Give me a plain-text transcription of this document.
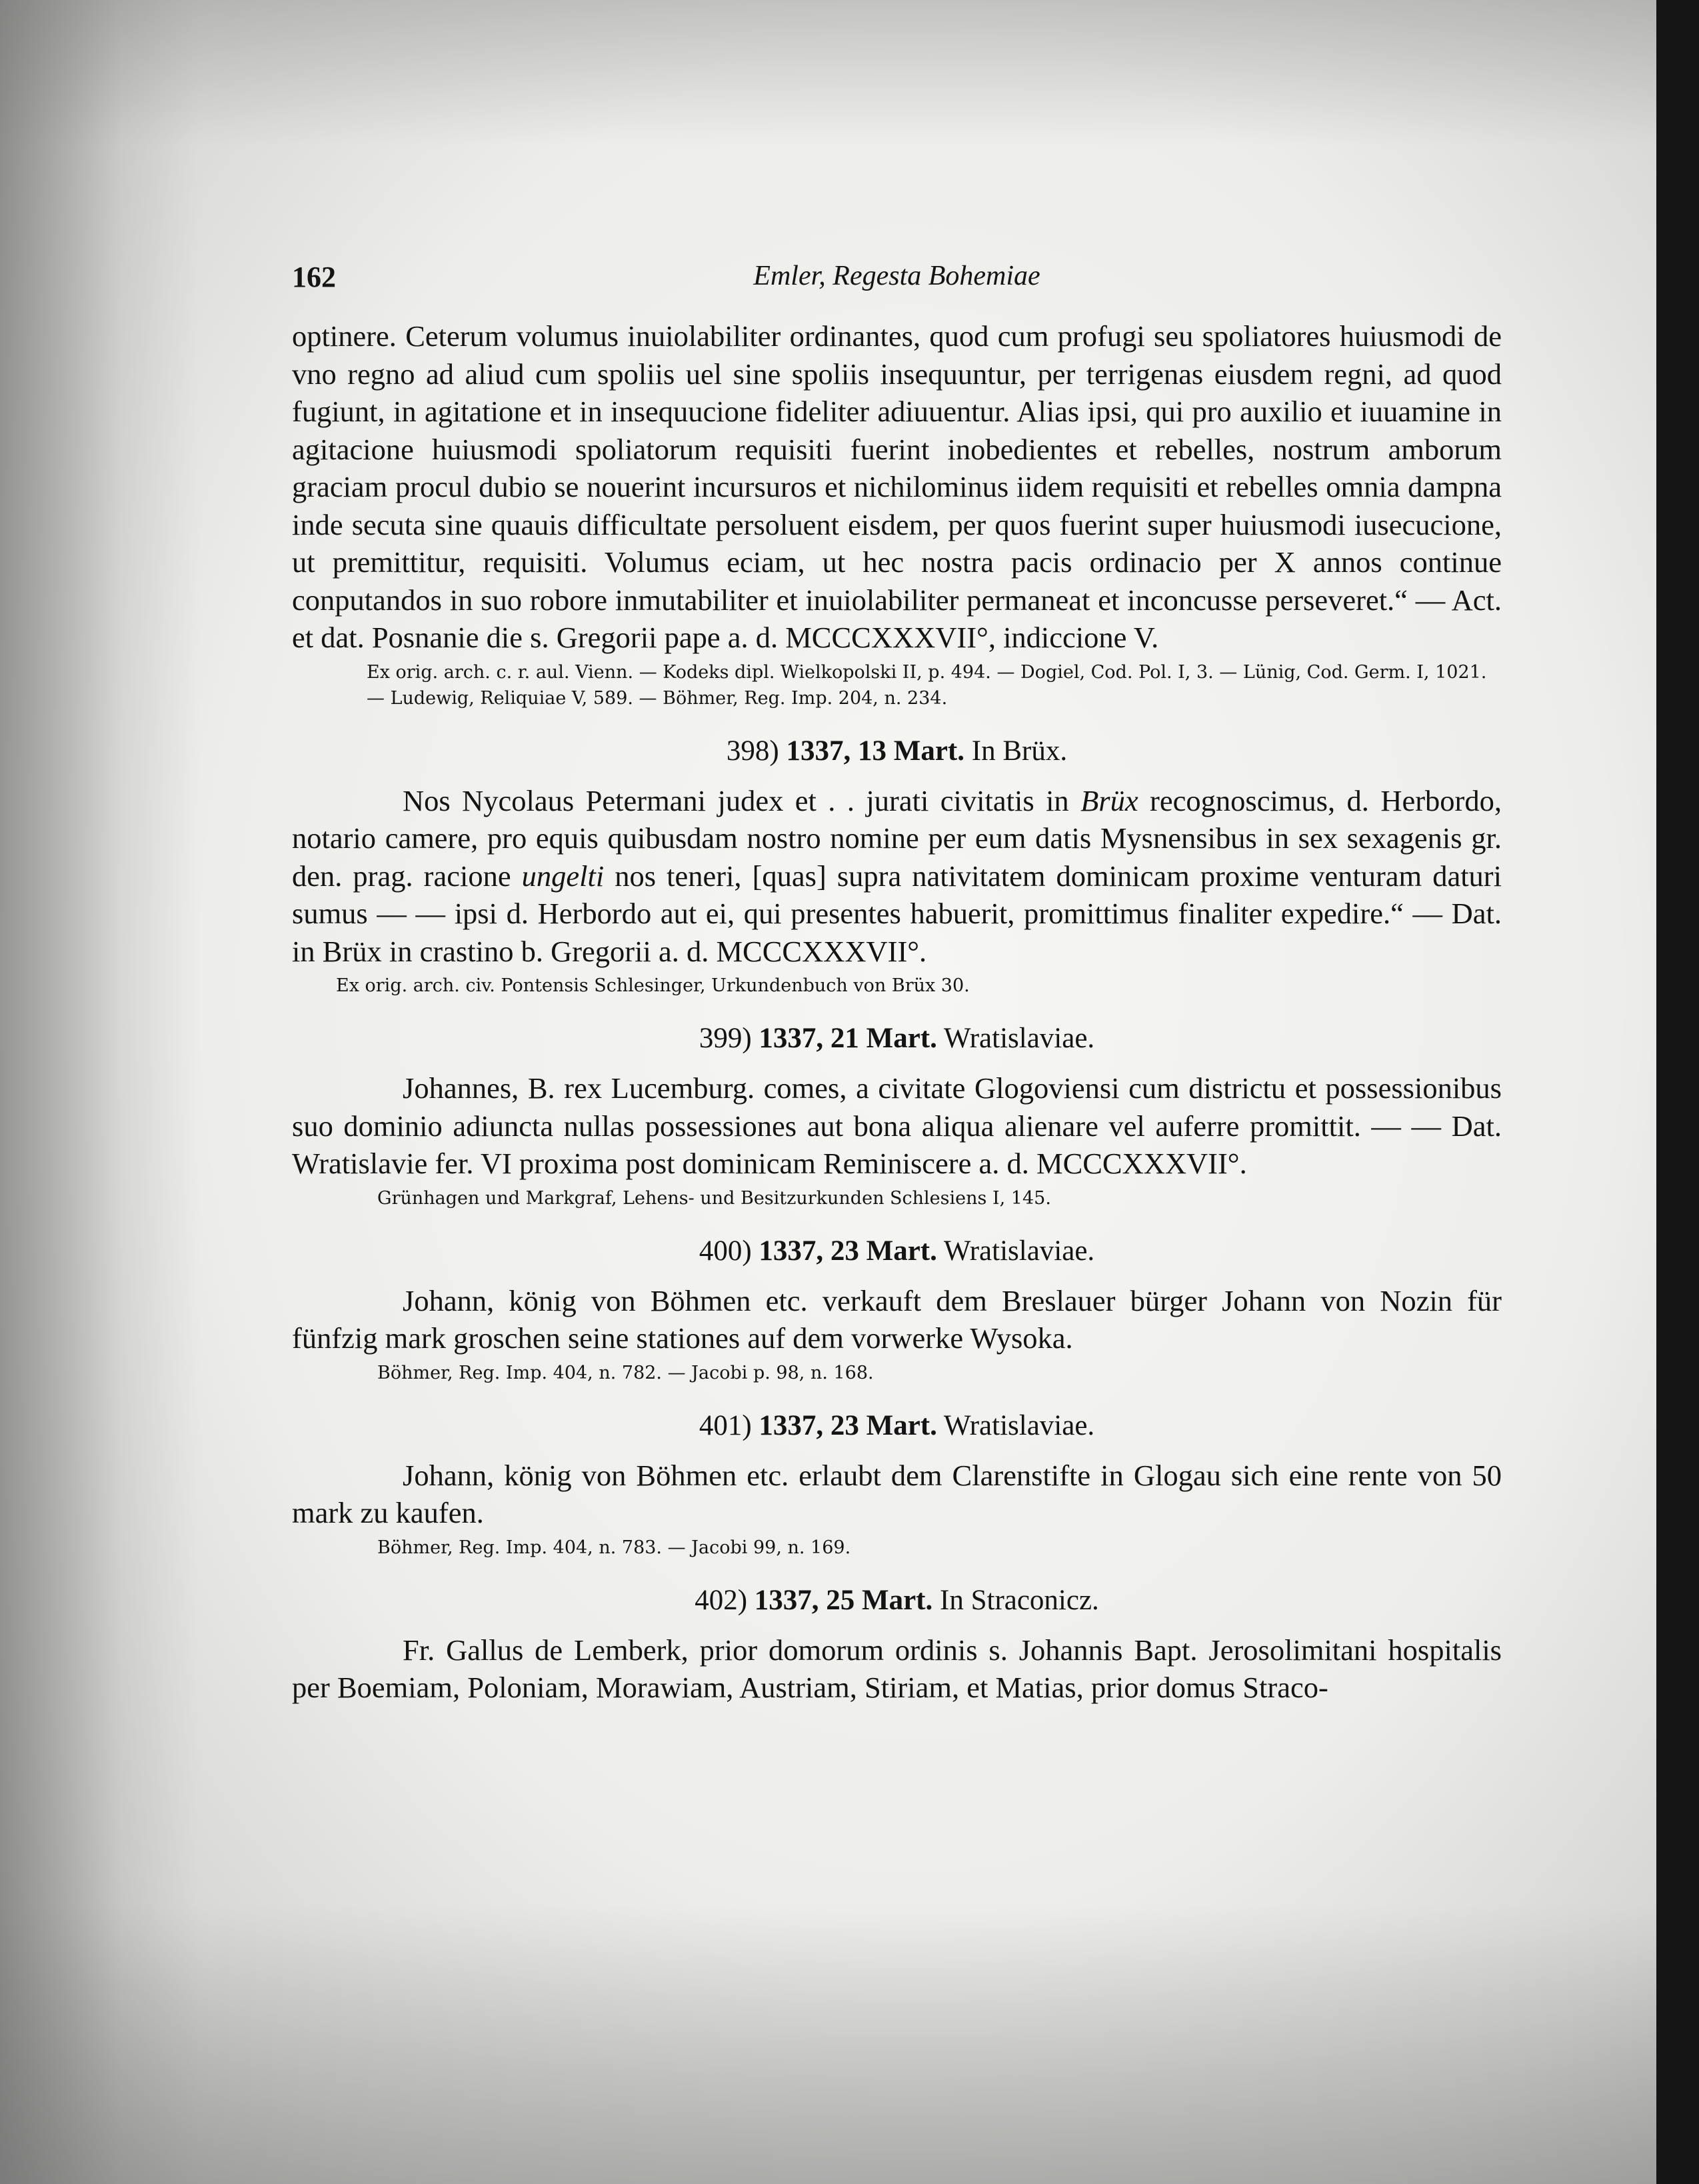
162	Emler, Regesta Bohemiae

optinere. Ceterum volumus inuiolabiliter ordinantes, quod cum profugi seu spoliatores huiusmodi de vno regno ad aliud cum spoliis uel sine spoliis insequuntur, per terrigenas eiusdem regni, ad quod fugiunt, in agitatione et in insequucione fideliter adiuuentur. Alias ipsi, qui pro auxilio et iuuamine in agitacione huiusmodi spoliatorum requisiti fuerint inobedientes et rebelles, nostrum amborum graciam procul dubio se nouerint incursuros et nichilominus iidem requisiti et rebelles omnia dampna inde secuta sine quauis difficultate persoluent eisdem, per quos fuerint super huiusmodi iusecucione, ut premittitur, requisiti. Volumus eciam, ut hec nostra pacis ordinacio per X annos continue conputandos in suo robore inmutabiliter et inuiolabiliter permaneat et inconcusse perseveret.“ — Act. et dat. Posnanie die s. Gregorii pape a. d. MCCCXXXVII°, indiccione V.

Ex orig. arch. c. r. aul. Vienn. — Kodeks dipl. Wielkopolski II, p. 494. — Dogiel, Cod. Pol. I, 3. — Lünig, Cod. Germ. I, 1021. — Ludewig, Reliquiae V, 589. — Böhmer, Reg. Imp. 204, n. 234.

398) 1337, 13 Mart. In Brüx.

Nos Nycolaus Petermani judex et . . jurati civitatis in Brüx recognoscimus, d. Herbordo, notario camere, pro equis quibusdam nostro nomine per eum datis Mysnensibus in sex sexagenis gr. den. prag. racione ungelti nos teneri, [quas] supra nativitatem dominicam proxime venturam daturi sumus — — ipsi d. Herbordo aut ei, qui presentes habuerit, promittimus finaliter expedire.“ — Dat. in Brüx in crastino b. Gregorii a. d. MCCCXXXVII°.

Ex orig. arch. civ. Pontensis Schlesinger, Urkundenbuch von Brüx 30.

399) 1337, 21 Mart. Wratislaviae.

Johannes, B. rex Lucemburg. comes, a civitate Glogoviensi cum districtu et possessionibus suo dominio adiuncta nullas possessiones aut bona aliqua alienare vel auferre promittit. — — Dat. Wratislavie fer. VI proxima post dominicam Reminiscere a. d. MCCCXXXVII°.

Grünhagen und Markgraf, Lehens- und Besitzurkunden Schlesiens I, 145.

400) 1337, 23 Mart. Wratislaviae.

Johann, könig von Böhmen etc. verkauft dem Breslauer bürger Johann von Nozin für fünfzig mark groschen seine stationes auf dem vorwerke Wysoka.

Böhmer, Reg. Imp. 404, n. 782. — Jacobi p. 98, n. 168.

401) 1337, 23 Mart. Wratislaviae.

Johann, könig von Böhmen etc. erlaubt dem Clarenstifte in Glogau sich eine rente von 50 mark zu kaufen.

Böhmer, Reg. Imp. 404, n. 783. — Jacobi 99, n. 169.

402) 1337, 25 Mart. In Straconicz.

Fr. Gallus de Lemberk, prior domorum ordinis s. Johannis Bapt. Jerosolimitani hospitalis per Boemiam, Poloniam, Morawiam, Austriam, Stiriam, et Matias, prior domus Straco-
